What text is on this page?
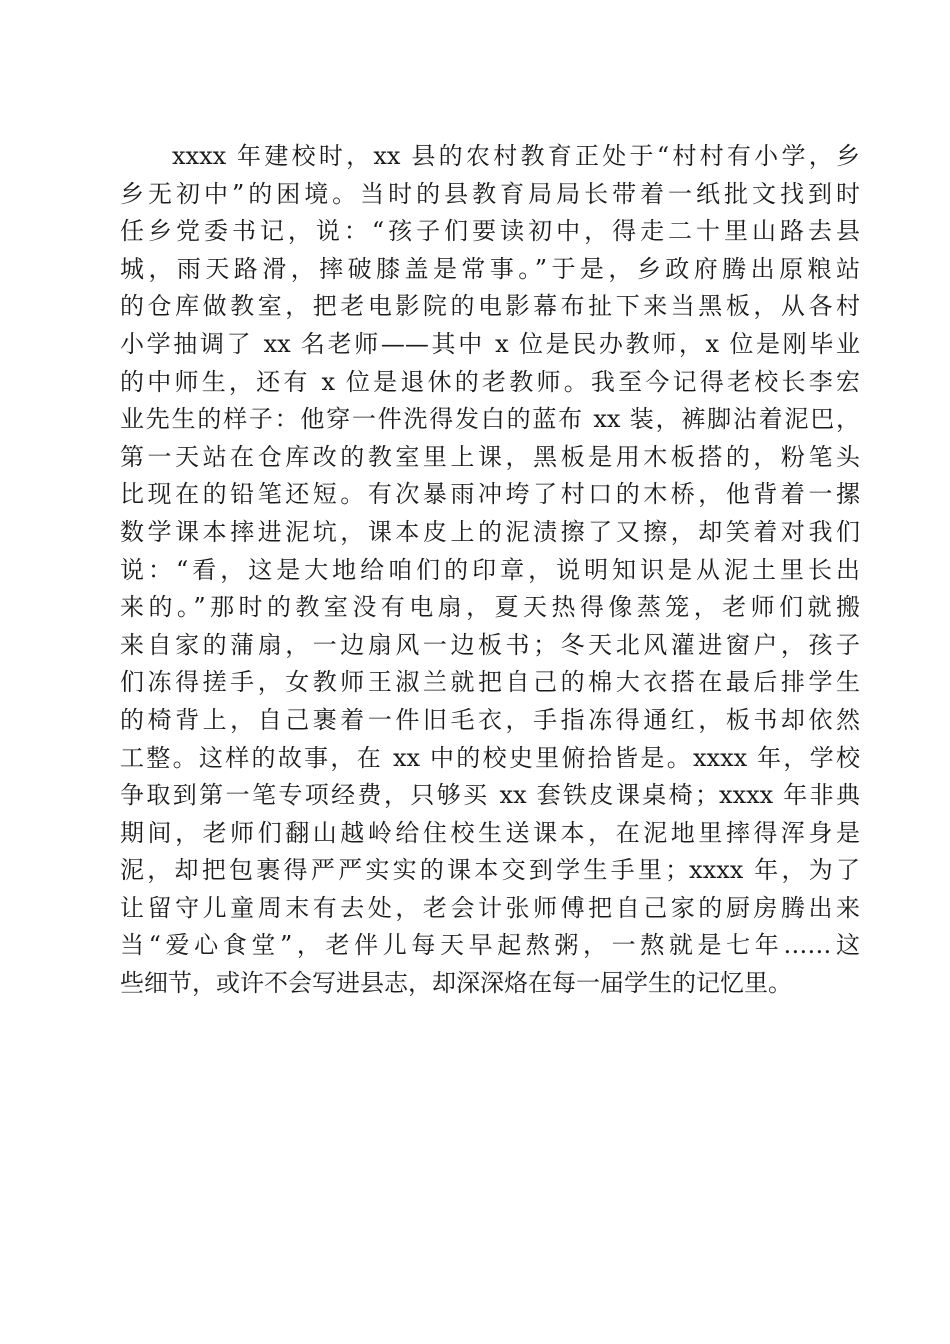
xxxx 年建校时，xx 县的农村教育正处于“村村有小学，乡
乡无初中”的困境。当时的县教育局局长带着一纸批文找到时
任乡党委书记，说：“孩子们要读初中，得走二十里山路去县
城，雨天路滑，摔破膝盖是常事。”于是，乡政府腾出原粮站
的仓库做教室，把老电影院的电影幕布扯下来当黑板，从各村
小学抽调了 xx 名老师——其中 x 位是民办教师，x 位是刚毕业
的中师生，还有 x 位是退休的老教师。我至今记得老校长李宏
业先生的样子：他穿一件洗得发白的蓝布 xx 装，裤脚沾着泥巴，
第一天站在仓库改的教室里上课，黑板是用木板搭的，粉笔头
比现在的铅笔还短。有次暴雨冲垮了村口的木桥，他背着一摞
数学课本摔进泥坑，课本皮上的泥渍擦了又擦，却笑着对我们
说：“看，这是大地给咱们的印章，说明知识是从泥土里长出
来的。”那时的教室没有电扇，夏天热得像蒸笼，老师们就搬
来自家的蒲扇，一边扇风一边板书；冬天北风灌进窗户，孩子
们冻得搓手，女教师王淑兰就把自己的棉大衣搭在最后排学生
的椅背上，自己裹着一件旧毛衣，手指冻得通红，板书却依然
工整。这样的故事，在 xx 中的校史里俯拾皆是。xxxx 年，学校
争取到第一笔专项经费，只够买 xx 套铁皮课桌椅；xxxx 年非典
期间，老师们翻山越岭给住校生送课本，在泥地里摔得浑身是
泥，却把包裹得严严实实的课本交到学生手里；xxxx 年，为了
让留守儿童周末有去处，老会计张师傅把自己家的厨房腾出来
当“爱心食堂”，老伴儿每天早起熬粥，一熬就是七年……这
些细节，或许不会写进县志，却深深烙在每一届学生的记忆里。
